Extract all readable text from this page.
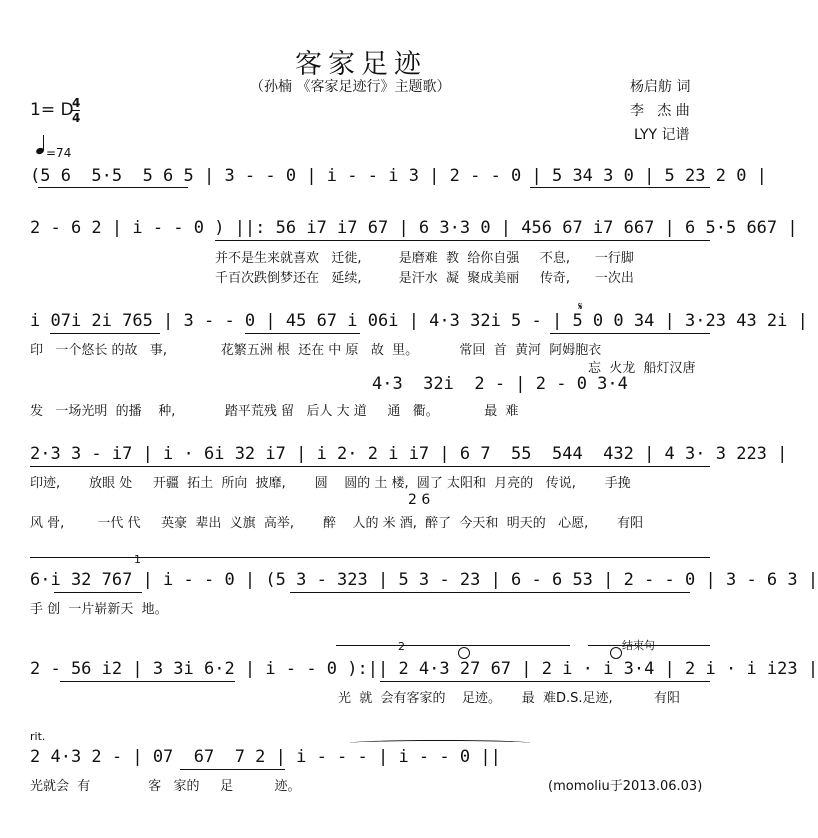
客家足迹
（孙楠 《客家足迹行》主题歌）	杨启舫 词
李   杰 曲
LYY 记谱
1= D
4
4
=74
(5 6  5·5  5 6 5 | 3 - - 0 | i - - i 3 | 2 - - 0 | 5 34 3 0 | 5 23 2 0 |
2 - 6 2 | i - - 0 ) ||: 56 i7 i7 67 | 6 3·3 0 | 456 67 i7 667 | 6 5·5 667 |
并不是生来就喜欢   迁徙,         是磨难  教  给你自强     不息,      一行脚
千百次跌倒梦还在   延续,         是汗水  凝  聚成美丽     传奇,      一次出
𝄋
i 07i 2i 765 | 3 - - 0 | 45 67 i 06i | 4·3 32i 5 - | 5 0 0 34 | 3·23 43 2i |
印   一个悠长 的故   事,             花繁五洲 根  还在 中 原   故  里。          常回  首  黄河  阿姆胞衣
忘  火龙  船灯汉唐
4·3  32i  2 - | 2 - 0 3·4
发   一场光明  的播    种,            踏平荒残 留   后人 大 道     通   衢。           最  难
2·3 3 - i7 | i · 6i 32 i7 | i 2· 2 i i7 | 6 7  55  544  432 | 4 3· 3 223 |
印迹,       放眼 处     开疆  拓土  所向  披靡,       圆    圆的 土 楼,  圆了 太阳和  月亮的   传说,       手挽
2 6
风 骨,        一代 代     英豪  辈出  义旗  高举,       醉    人的 米 酒,  醉了  今天和  明天的   心愿,       有阳
1
6·i 32 767 | i - - 0 | (5 3 - 323 | 5 3 - 23 | 6 - 6 53 | 2 - - 0 | 3 - 6 3 |
手 创  一片崭新天  地。
2	结束句
2 - 56 i2 | 3 3i 6·2 | i - - 0 ):|| 2 4·3 27 67 | 2 i · i 3·4 | 2 i · i i23 |
光  就  会有客家的    足迹。     最  难D.S.足迹,          有阳
rit.
2 4·3 2 - | 07  67  7 2 | i - - - | i - - 0 ||
光就会  有              客   家的     足          迹。	(momoliu于2013.06.03)
